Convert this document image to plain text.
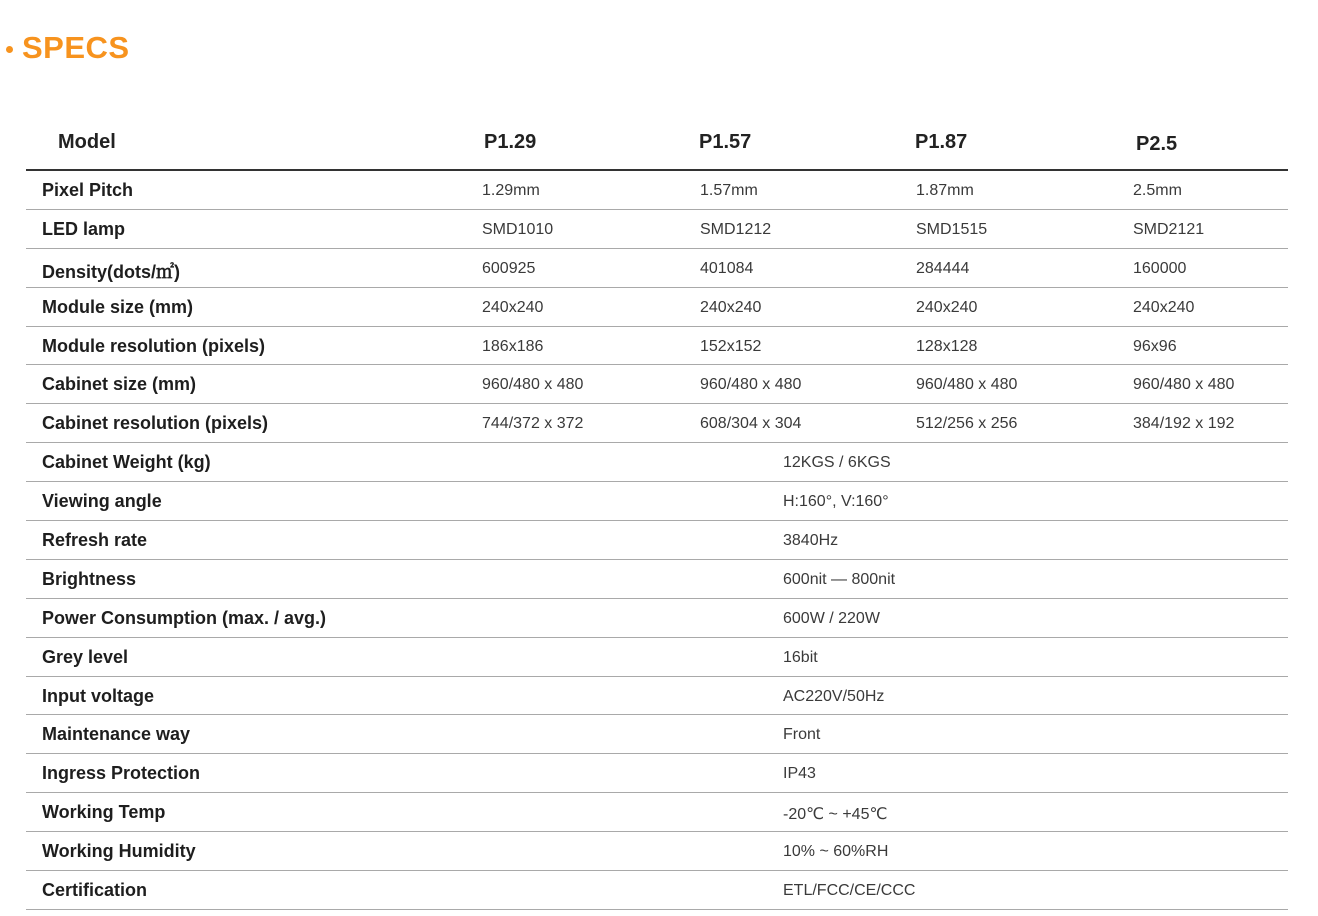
SPECS
Model	P1.29	P1.57	P1.87	P2.5
Pixel Pitch	1.29mm	1.57mm	1.87mm	2.5mm
LED lamp	SMD1010	SMD1212	SMD1515	SMD2121
Density(dots/㎡)	600925	401084	284444	160000
Module size (mm)	240x240	240x240	240x240	240x240
Module resolution (pixels)	186x186	152x152	128x128	96x96
Cabinet size (mm)	960/480 x 480	960/480 x 480	960/480 x 480	960/480 x 480
Cabinet resolution (pixels)	744/372 x 372	608/304 x 304	512/256 x 256	384/192 x 192
Cabinet Weight (kg)	12KGS / 6KGS
Viewing angle	H:160°, V:160°
Refresh rate	3840Hz
Brightness	600nit — 800nit
Power Consumption (max. / avg.)	600W / 220W
Grey level	16bit
Input voltage	AC220V/50Hz
Maintenance way	Front
Ingress Protection	IP43
Working Temp	-20℃ ~ +45℃
Working Humidity	10% ~ 60%RH
Certification	ETL/FCC/CE/CCC
